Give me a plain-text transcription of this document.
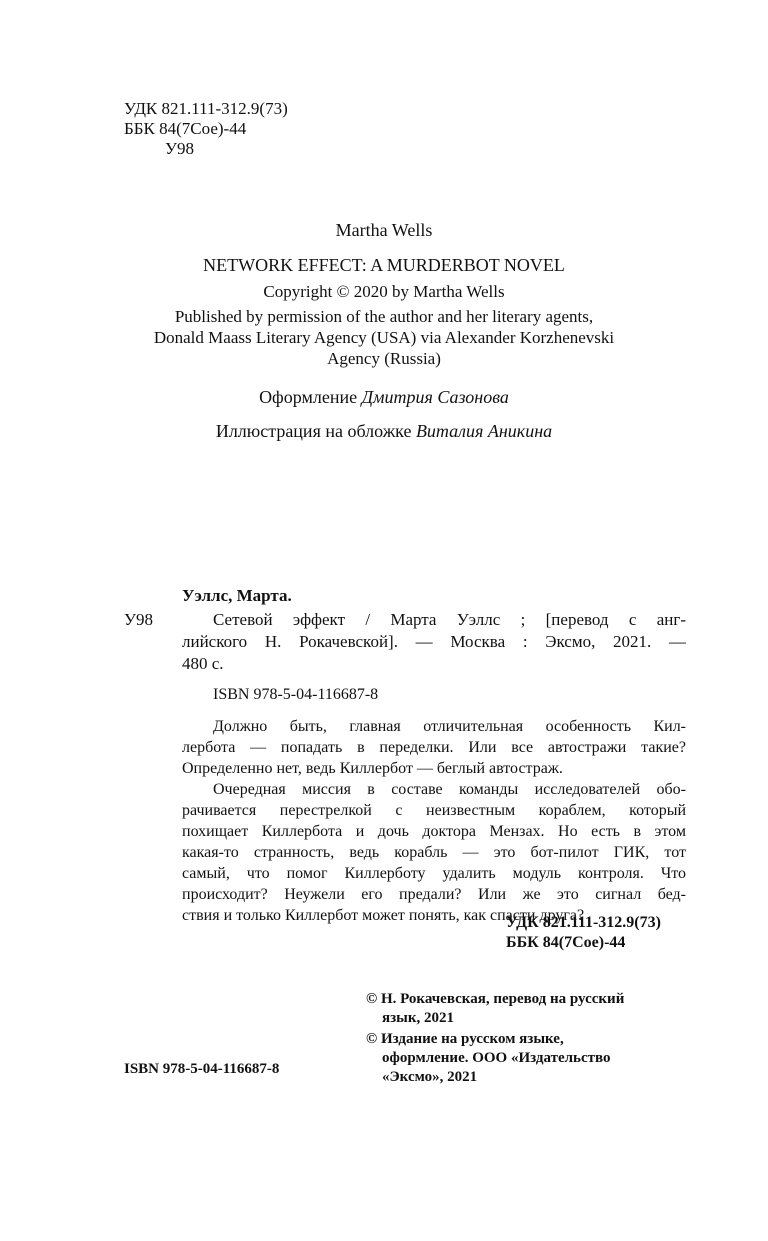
УДК 821.111-312.9(73)
ББК 84(7Сое)-44
У98
Martha Wells
NETWORK EFFECT: A MURDERBOT NOVEL
Copyright © 2020 by Martha Wells
Published by permission of the author and her literary agents,
Donald Maass Literary Agency (USA) via Alexander Korzhenevski
Agency (Russia)
Оформление Дмитрия Сазонова
Иллюстрация на обложке Виталия Аникина
Уэллс, Марта.
У98	Сетевой эффект / Марта Уэллс ; [перевод с анг-
лийского Н. Рокачевской]. — Москва : Эксмо, 2021. —
480 с.
ISBN 978-5-04-116687-8
Должно быть, главная отличительная особенность Кил-
лербота — попадать в переделки. Или все автостражи такие?
Определенно нет, ведь Киллербот — беглый автостраж.
Очередная миссия в составе команды исследователей обо-
рачивается перестрелкой с неизвестным кораблем, который
похищает Киллербота и дочь доктора Мензах. Но есть в этом
какая-то странность, ведь корабль — это бот-пилот ГИК, тот
самый, что помог Киллерботу удалить модуль контроля. Что
происходит? Неужели его предали? Или же это сигнал бед-
ствия и только Киллербот может понять, как спасти друга?
УДК 821.111-312.9(73)
ББК 84(7Сое)-44
© Н. Рокачевская, перевод на русский
язык, 2021
© Издание на русском языке,
оформление. ООО «Издательство
«Эксмо», 2021
ISBN 978-5-04-116687-8
